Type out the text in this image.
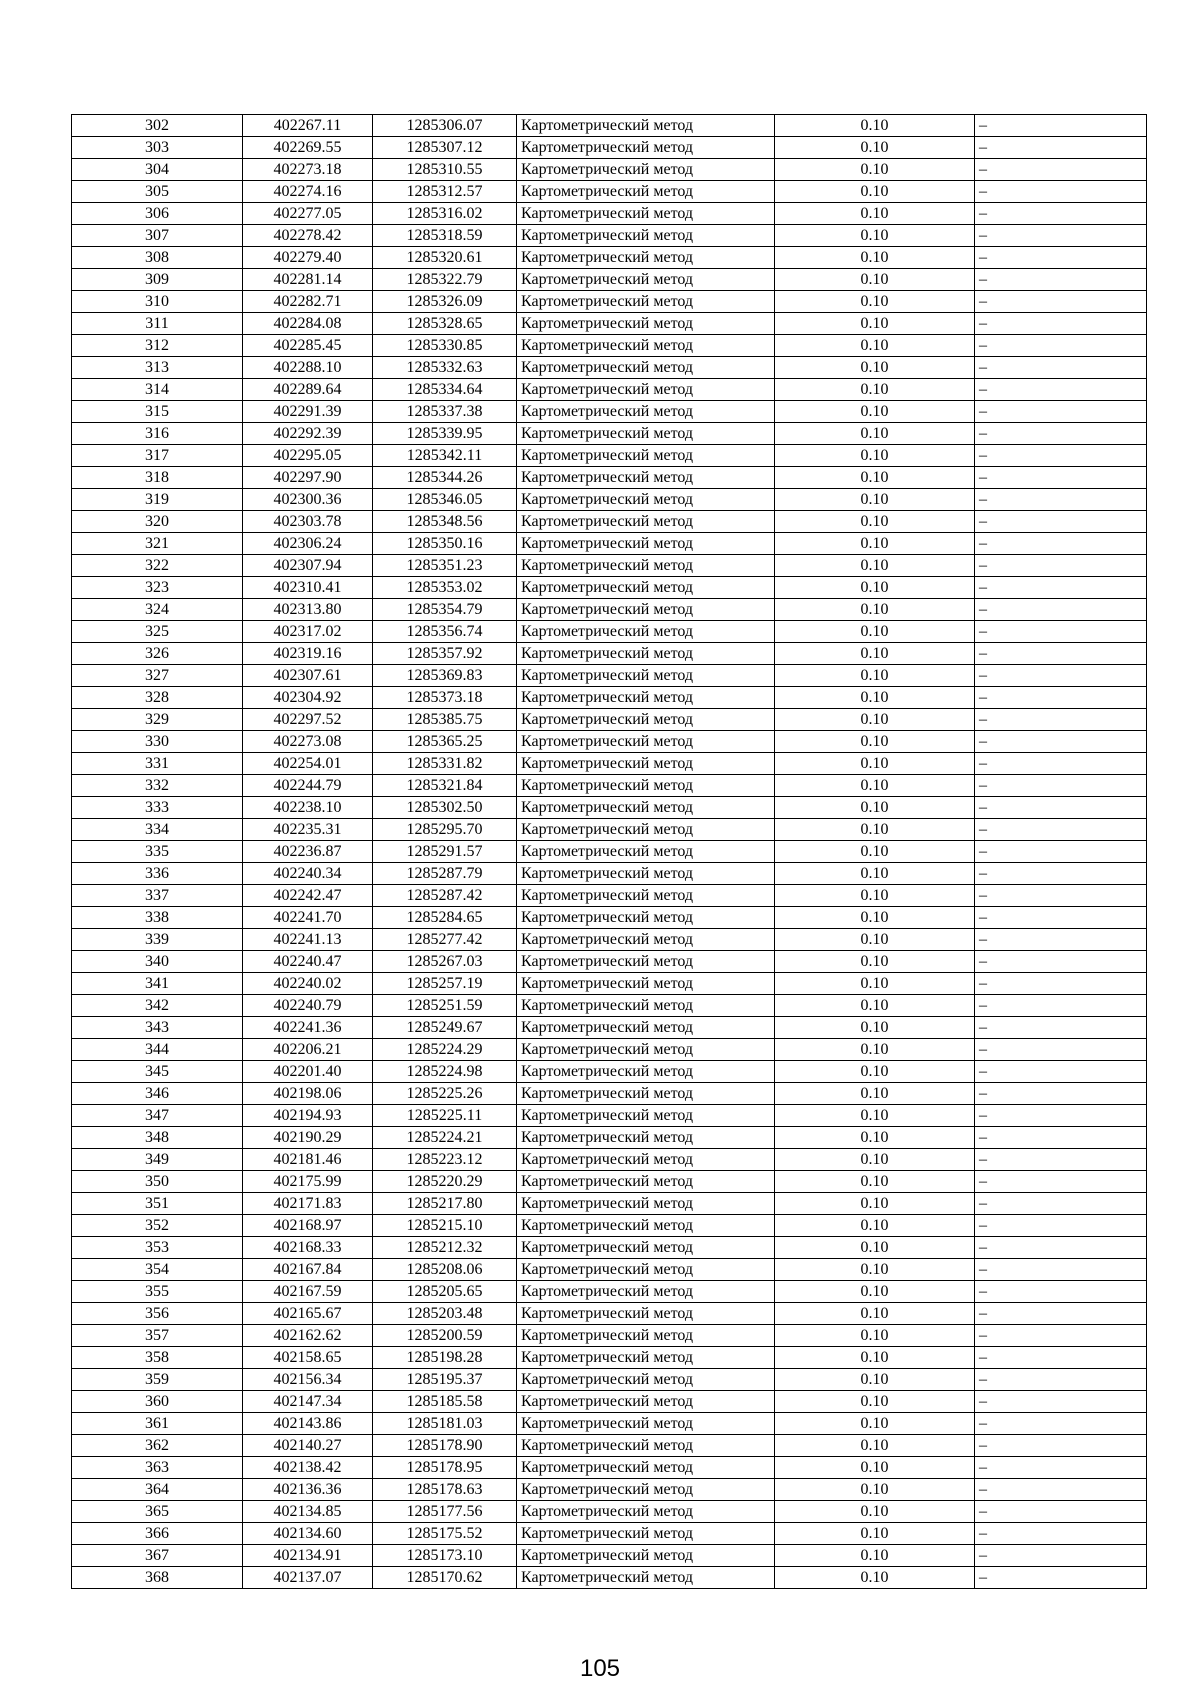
302	402267.11	1285306.07	Картометрический метод	0.10	–
303	402269.55	1285307.12	Картометрический метод	0.10	–
304	402273.18	1285310.55	Картометрический метод	0.10	–
305	402274.16	1285312.57	Картометрический метод	0.10	–
306	402277.05	1285316.02	Картометрический метод	0.10	–
307	402278.42	1285318.59	Картометрический метод	0.10	–
308	402279.40	1285320.61	Картометрический метод	0.10	–
309	402281.14	1285322.79	Картометрический метод	0.10	–
310	402282.71	1285326.09	Картометрический метод	0.10	–
311	402284.08	1285328.65	Картометрический метод	0.10	–
312	402285.45	1285330.85	Картометрический метод	0.10	–
313	402288.10	1285332.63	Картометрический метод	0.10	–
314	402289.64	1285334.64	Картометрический метод	0.10	–
315	402291.39	1285337.38	Картометрический метод	0.10	–
316	402292.39	1285339.95	Картометрический метод	0.10	–
317	402295.05	1285342.11	Картометрический метод	0.10	–
318	402297.90	1285344.26	Картометрический метод	0.10	–
319	402300.36	1285346.05	Картометрический метод	0.10	–
320	402303.78	1285348.56	Картометрический метод	0.10	–
321	402306.24	1285350.16	Картометрический метод	0.10	–
322	402307.94	1285351.23	Картометрический метод	0.10	–
323	402310.41	1285353.02	Картометрический метод	0.10	–
324	402313.80	1285354.79	Картометрический метод	0.10	–
325	402317.02	1285356.74	Картометрический метод	0.10	–
326	402319.16	1285357.92	Картометрический метод	0.10	–
327	402307.61	1285369.83	Картометрический метод	0.10	–
328	402304.92	1285373.18	Картометрический метод	0.10	–
329	402297.52	1285385.75	Картометрический метод	0.10	–
330	402273.08	1285365.25	Картометрический метод	0.10	–
331	402254.01	1285331.82	Картометрический метод	0.10	–
332	402244.79	1285321.84	Картометрический метод	0.10	–
333	402238.10	1285302.50	Картометрический метод	0.10	–
334	402235.31	1285295.70	Картометрический метод	0.10	–
335	402236.87	1285291.57	Картометрический метод	0.10	–
336	402240.34	1285287.79	Картометрический метод	0.10	–
337	402242.47	1285287.42	Картометрический метод	0.10	–
338	402241.70	1285284.65	Картометрический метод	0.10	–
339	402241.13	1285277.42	Картометрический метод	0.10	–
340	402240.47	1285267.03	Картометрический метод	0.10	–
341	402240.02	1285257.19	Картометрический метод	0.10	–
342	402240.79	1285251.59	Картометрический метод	0.10	–
343	402241.36	1285249.67	Картометрический метод	0.10	–
344	402206.21	1285224.29	Картометрический метод	0.10	–
345	402201.40	1285224.98	Картометрический метод	0.10	–
346	402198.06	1285225.26	Картометрический метод	0.10	–
347	402194.93	1285225.11	Картометрический метод	0.10	–
348	402190.29	1285224.21	Картометрический метод	0.10	–
349	402181.46	1285223.12	Картометрический метод	0.10	–
350	402175.99	1285220.29	Картометрический метод	0.10	–
351	402171.83	1285217.80	Картометрический метод	0.10	–
352	402168.97	1285215.10	Картометрический метод	0.10	–
353	402168.33	1285212.32	Картометрический метод	0.10	–
354	402167.84	1285208.06	Картометрический метод	0.10	–
355	402167.59	1285205.65	Картометрический метод	0.10	–
356	402165.67	1285203.48	Картометрический метод	0.10	–
357	402162.62	1285200.59	Картометрический метод	0.10	–
358	402158.65	1285198.28	Картометрический метод	0.10	–
359	402156.34	1285195.37	Картометрический метод	0.10	–
360	402147.34	1285185.58	Картометрический метод	0.10	–
361	402143.86	1285181.03	Картометрический метод	0.10	–
362	402140.27	1285178.90	Картометрический метод	0.10	–
363	402138.42	1285178.95	Картометрический метод	0.10	–
364	402136.36	1285178.63	Картометрический метод	0.10	–
365	402134.85	1285177.56	Картометрический метод	0.10	–
366	402134.60	1285175.52	Картометрический метод	0.10	–
367	402134.91	1285173.10	Картометрический метод	0.10	–
368	402137.07	1285170.62	Картометрический метод	0.10	–
105
